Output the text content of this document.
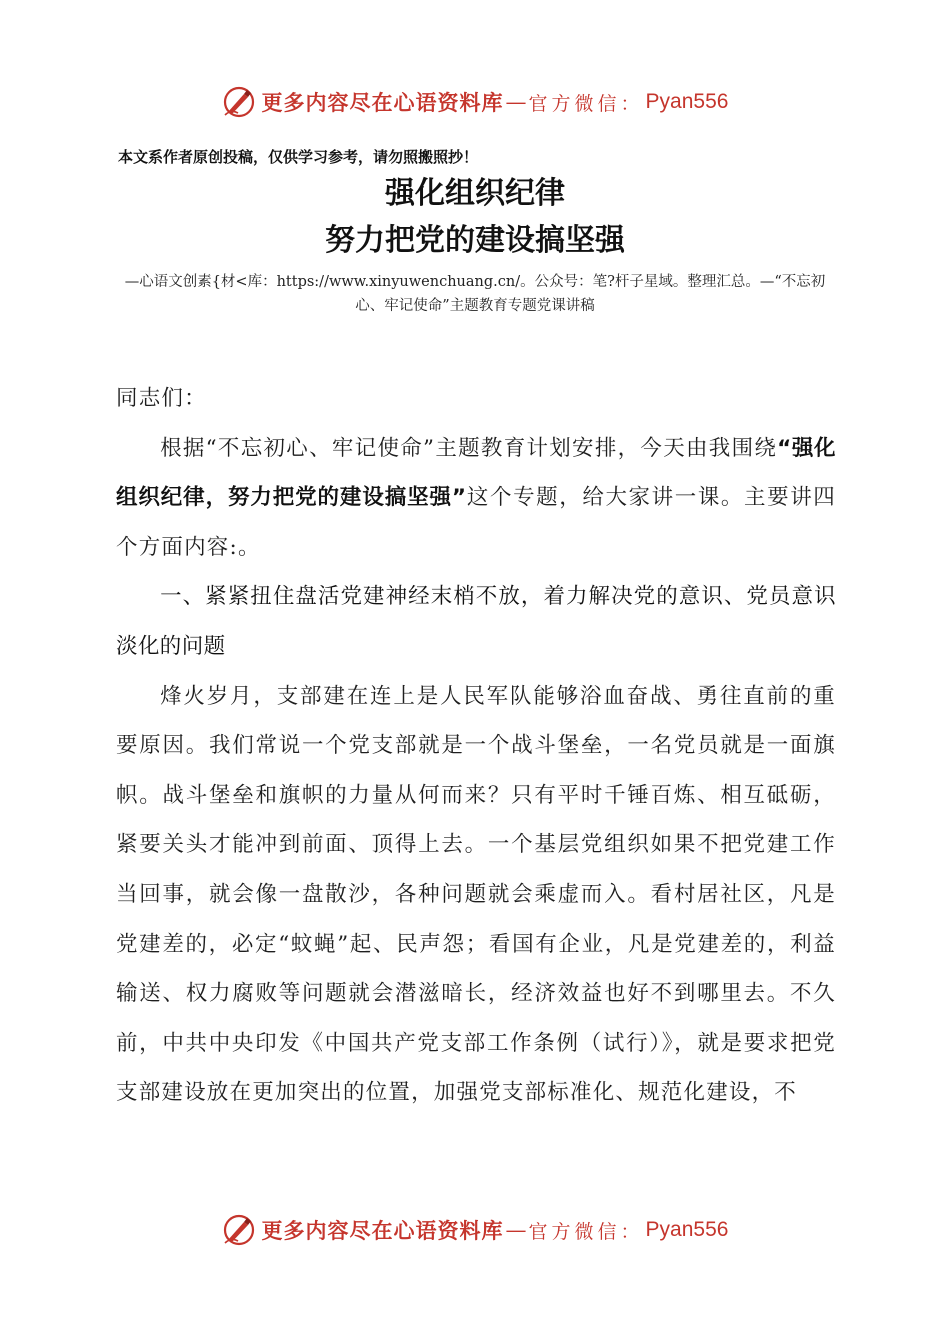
更多内容尽在心语资料库 — 官方微信： Pyan556
本文系作者原创投稿，仅供学习参考，请勿照搬照抄！
强化组织纪律
努力把党的建设搞坚强
—心语文创素{材<库：https://www.xinyuwenchuang.cn/。公众号：笔?杆子星域。整理汇总。—“不忘初心、牢记使命”主题教育专题党课讲稿

同志们：

根据“不忘初心、牢记使命”主题教育计划安排，今天由我围绕“强化组织纪律，努力把党的建设搞坚强”这个专题，给大家讲一课。主要讲四个方面内容:。

一、紧紧扭住盘活党建神经末梢不放，着力解决党的意识、党员意识淡化的问题

烽火岁月，支部建在连上是人民军队能够浴血奋战、勇往直前的重要原因。我们常说一个党支部就是一个战斗堡垒，一名党员就是一面旗帜。战斗堡垒和旗帜的力量从何而来？只有平时千锤百炼、相互砥砺，紧要关头才能冲到前面、顶得上去。一个基层党组织如果不把党建工作当回事，就会像一盘散沙，各种问题就会乘虚而入。看村居社区，凡是党建差的，必定“蚊蝇”起、民声怨；看国有企业，凡是党建差的，利益输送、权力腐败等问题就会潜滋暗长，经济效益也好不到哪里去。不久前，中共中央印发《中国共产党支部工作条例（试行）》，就是要求把党支部建设放在更加突出的位置，加强党支部标准化、规范化建设，不

更多内容尽在心语资料库 — 官方微信： Pyan556
